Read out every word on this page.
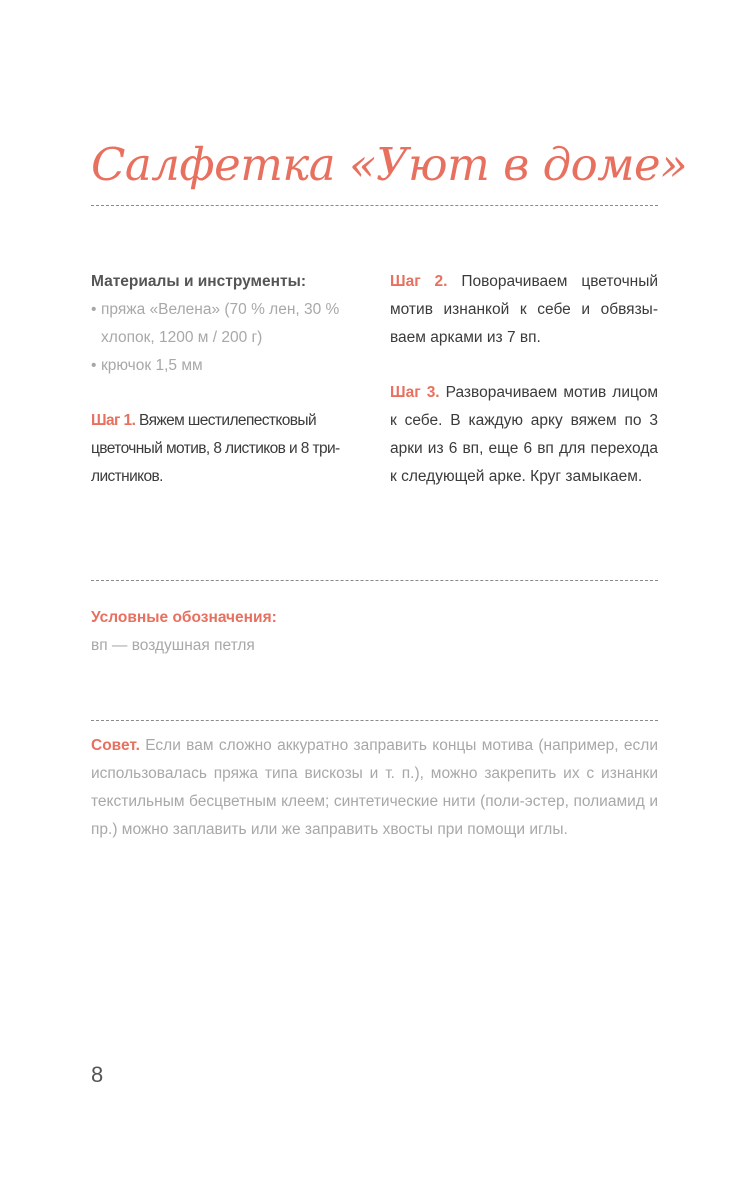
Салфетка «Уют в доме»
Материалы и инструменты:
• пряжа «Велена» (70 % лен, 30 % хлопок, 1200 м / 200 г)
• крючок 1,5 мм

Шаг 1. Вяжем шестилепестковый цветочный мотив, 8 листиков и 8 три-листников.

Шаг 2. Поворачиваем цветочный мотив изнанкой к себе и обвязы-ваем арками из 7 вп.

Шаг 3. Разворачиваем мотив лицом к себе. В каждую арку вяжем по 3 арки из 6 вп, еще 6 вп для перехода к следующей арке. Круг замыкаем.

Условные обозначения:
вп — воздушная петля
Совет. Если вам сложно аккуратно заправить концы мотива (например, если использовалась пряжа типа вискозы и т. п.), можно закрепить их с изнанки текстильным бесцветным клеем; синтетические нити (поли-эстер, полиамид и пр.) можно заплавить или же заправить хвосты при помощи иглы.
8
